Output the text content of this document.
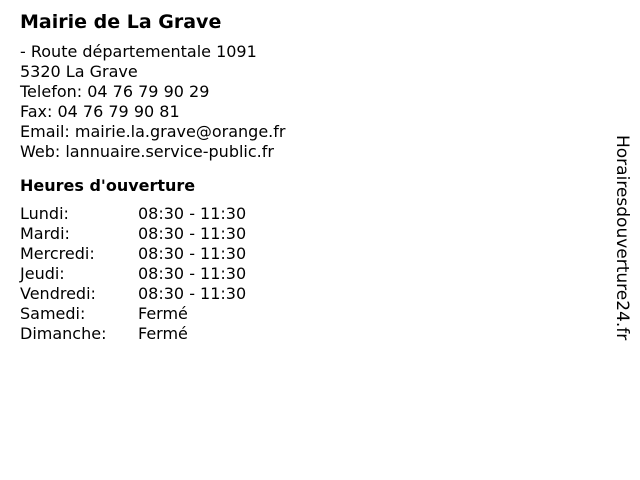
Mairie de La Grave
- Route départementale 1091
5320 La Grave
Telefon: 04 76 79 90 29
Fax: 04 76 79 90 81
Email: mairie.la.grave@orange.fr
Web: lannuaire.service-public.fr
Heures d'ouverture
Lundi:	08:30 - 11:30
Mardi:	08:30 - 11:30
Mercredi:	08:30 - 11:30
Jeudi:	08:30 - 11:30
Vendredi:	08:30 - 11:30
Samedi:	Fermé
Dimanche:	Fermé	Horairesdouverture24.fr
